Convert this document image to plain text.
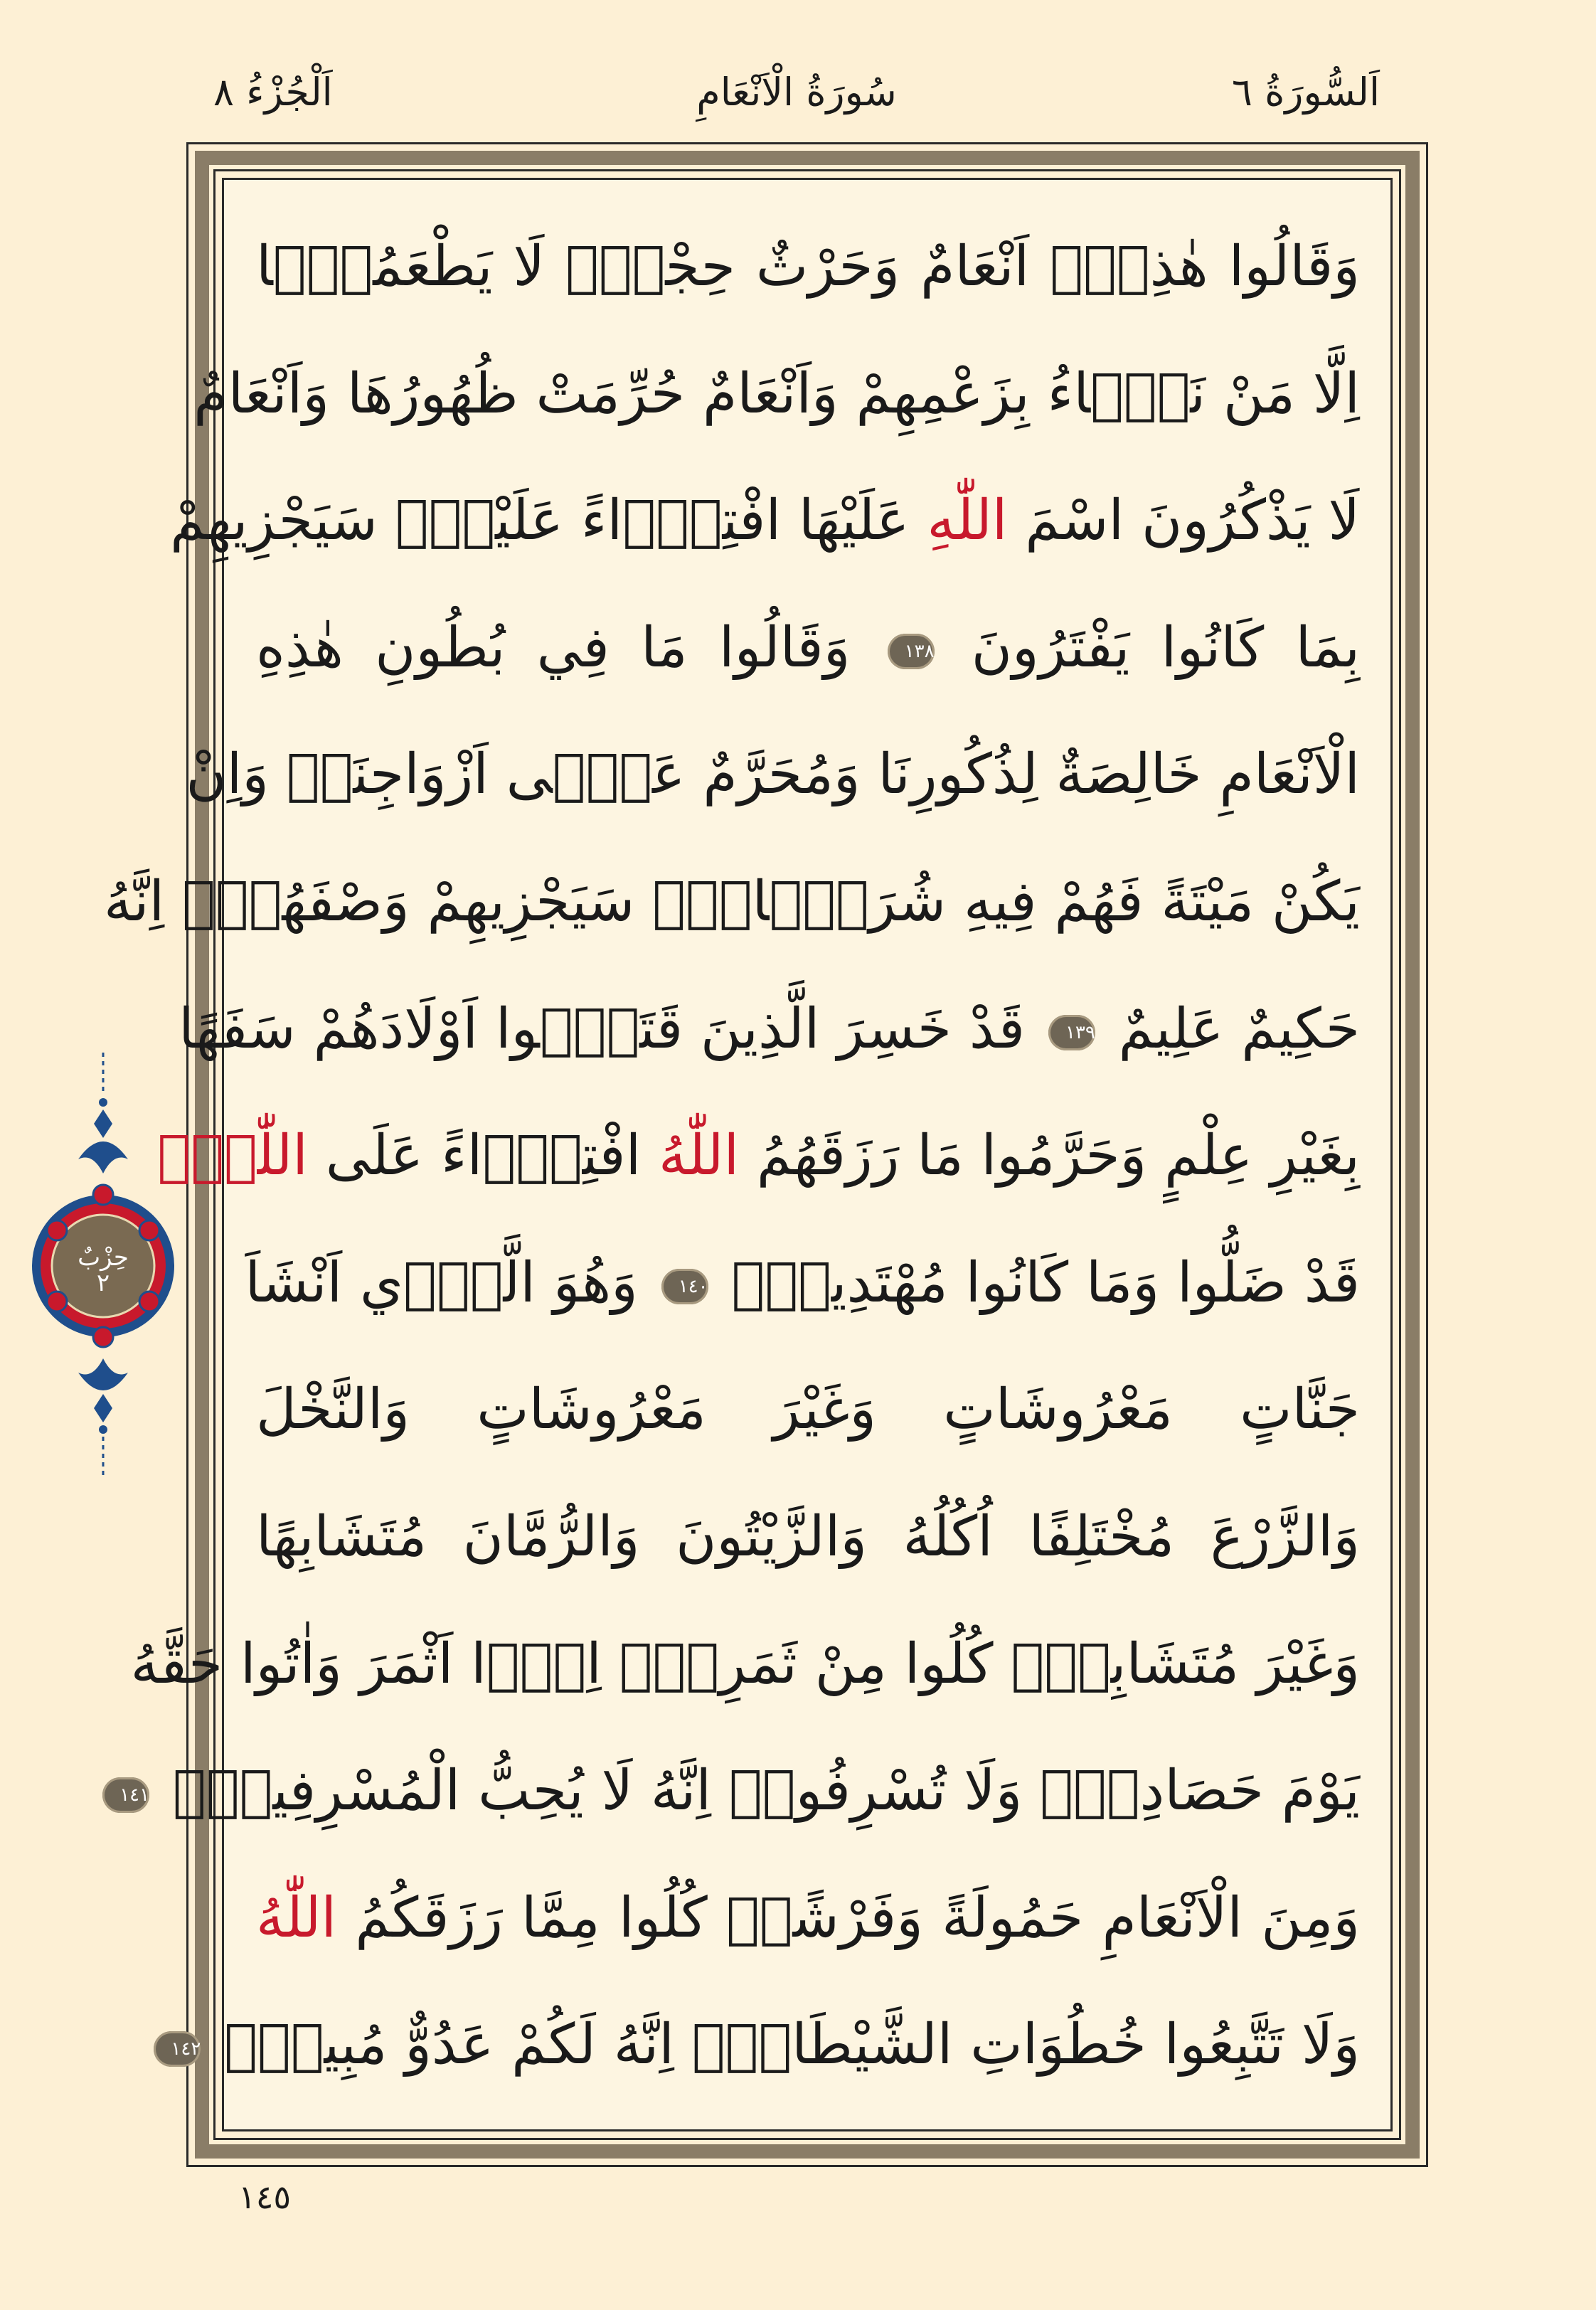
اَلسُّورَةُ ٦
سُورَةُ الْاَنْعَامِ
اَلْجُزْءُ ٨
وَقَالُوا هٰذِهِۤ اَنْعَامٌ وَحَرْثٌ حِجْرٌۗ لَا يَطْعَمُهَۤا
اِلَّا مَنْ نَشَۤاءُ بِزَعْمِهِمْ وَاَنْعَامٌ حُرِّمَتْ ظُهُورُهَا وَاَنْعَامٌ
لَا يَذْكُرُونَ اسْمَ اللّٰهِ عَلَيْهَا افْتِرَۤاءً عَلَيْهِۜ سَيَجْزِيهِمْ
بِمَا كَانُوا يَفْتَرُونَ ١٣٨ وَقَالُوا مَا فِي بُطُونِ هٰذِهِ
الْاَنْعَامِ خَالِصَةٌ لِذُكُورِنَا وَمُحَرَّمٌ عَلٰۤى اَزْوَاجِنَاۚ وَاِنْ
يَكُنْ مَيْتَةً فَهُمْ فِيهِ شُرَكَۤاءُۜ سَيَجْزِيهِمْ وَصْفَهُمْۜ اِنَّهُ
حَكِيمٌ عَلِيمٌ ١٣٩ قَدْ خَسِرَ الَّذِينَ قَتَلُۤوا اَوْلَادَهُمْ سَفَهًا
بِغَيْرِ عِلْمٍ وَحَرَّمُوا مَا رَزَقَهُمُ اللّٰهُ افْتِرَۤاءً عَلَى اللّٰهِۜ
قَدْ ضَلُّوا وَمَا كَانُوا مُهْتَدِينَ۟ ١٤٠ وَهُوَ الَّذِۤي اَنْشَاَ
جَنَّاتٍ مَعْرُوشَاتٍ وَغَيْرَ مَعْرُوشَاتٍ وَالنَّخْلَ
وَالزَّرْعَ مُخْتَلِفًا اُكُلُهُ وَالزَّيْتُونَ وَالرُّمَّانَ مُتَشَابِهًا
وَغَيْرَ مُتَشَابِهٍۜ كُلُوا مِنْ ثَمَرِهِۤ اِذَۤا اَثْمَرَ وَاٰتُوا حَقَّهُ
يَوْمَ حَصَادِهِۗ وَلَا تُسْرِفُواۜ اِنَّهُ لَا يُحِبُّ الْمُسْرِفِينَۙ ١٤١
وَمِنَ الْاَنْعَامِ حَمُولَةً وَفَرْشًاۜ كُلُوا مِمَّا رَزَقَكُمُ اللّٰهُ
وَلَا تَتَّبِعُوا خُطُوَاتِ الشَّيْطَانِۜ اِنَّهُ لَكُمْ عَدُوٌّ مُبِينٌۙ ١٤٢
حِزْبٌ
٢
١٤٥
